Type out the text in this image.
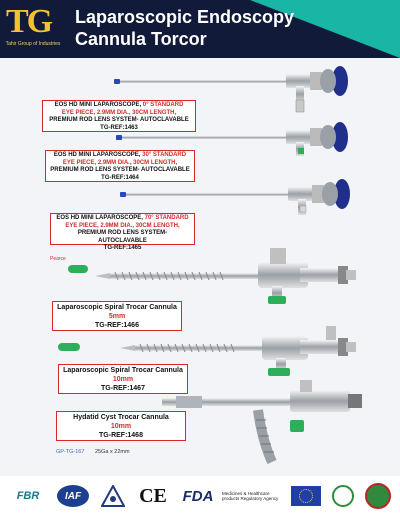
TG
Tahir Group of Industries
Laparoscopic Endoscopy
Cannula Torcor
EOS HD MINI LAPAROSCOPE, 0° STANDARD
EYE PIECE, 2.9MM DIA., 30CM LENGTH,
PREMIUM ROD LENS SYSTEM- AUTOCLAVABLE
TG-REF:1463
EOS HD MINI LAPAROSCOPE, 30° STANDARD
EYE PIECE, 2.9MM DIA., 30CM LENGTH,
PREMIUM ROD LENS SYSTEM- AUTOCLAVABLE
TG-REF:1464
EOS HD MINI LAPAROSCOPE, 70° STANDARD
EYE PIECE, 2.9MM DIA., 30CM LENGTH,
PREMIUM ROD LENS SYSTEM- AUTOCLAVABLE
TG-REF:1465
Pearce
Laparoscopic Spiral Trocar Cannula
5mm
TG-REF:1466
Laparoscopic Spiral Trocar Cannula
10mm
TG-REF:1467
Hydatid Cyst Trocar Cannula
10mm
TG-REF:1468
GP-TG-167 25Ga x 22mm
FBR	IAF	CE FDA Medicines & Healthcare products Regulatory Agency
